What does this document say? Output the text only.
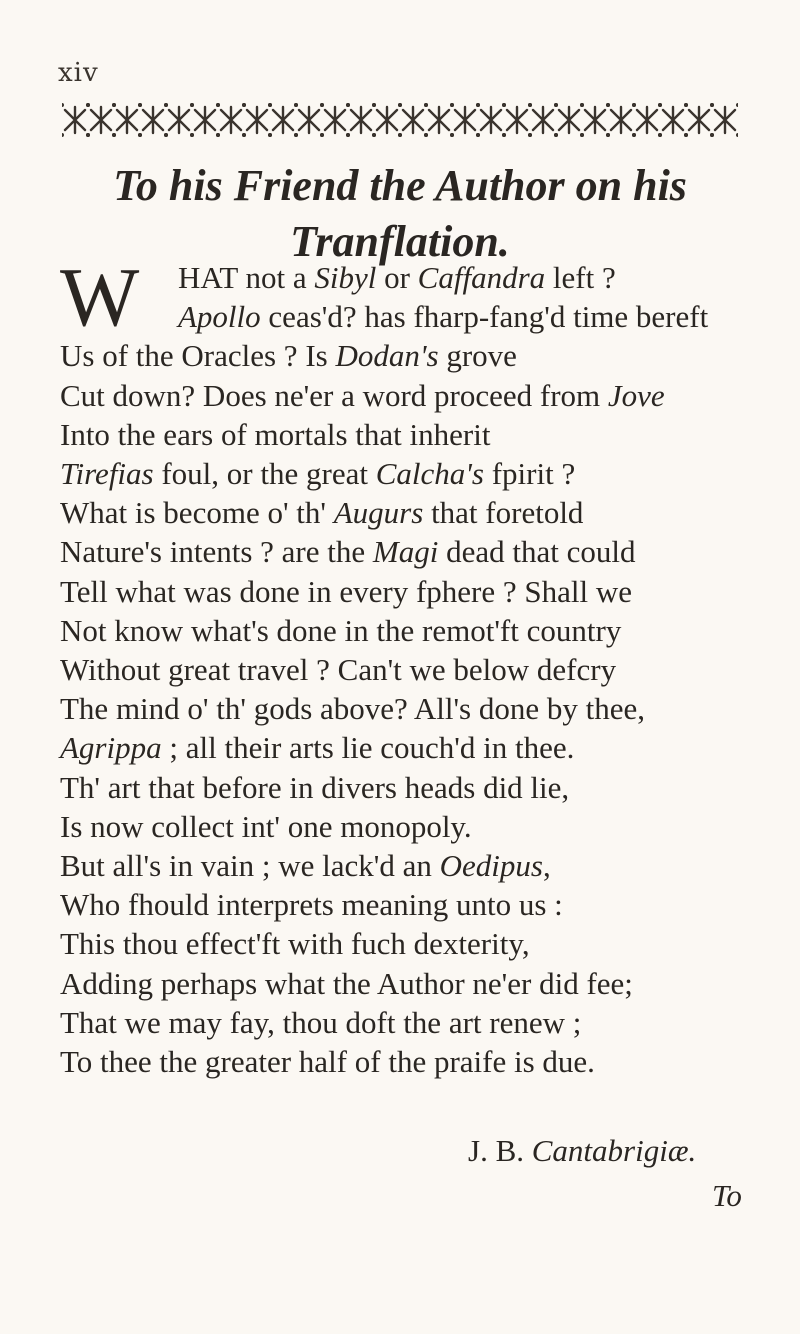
xiv
To his Friend the Author on his
Tranflation.
W	HAT not a Sibyl or Caffandra left ?
Apollo ceas'd? has fharp-fang'd time bereft
Us of the Oracles ? Is Dodan's grove
Cut down? Does ne'er a word proceed from Jove
Into the ears of mortals that inherit
Tirefias foul, or the great Calcha's fpirit ?
What is become o' th' Augurs that foretold
Nature's intents ? are the Magi dead that could
Tell what was done in every fphere ? Shall we
Not know what's done in the remot'ft country
Without great travel ? Can't we below defcry
The mind o' th' gods above? All's done by thee,
Agrippa ; all their arts lie couch'd in thee.
Th' art that before in divers heads did lie,
Is now collect int' one monopoly.
But all's in vain ; we lack'd an Oedipus,
Who fhould interprets meaning unto us :
This thou effect'ft with fuch dexterity,
Adding perhaps what the Author ne'er did fee;
That we may fay, thou doft the art renew ;
To thee the greater half of the praife is due.
J. B. Cantabrigiæ.
To
